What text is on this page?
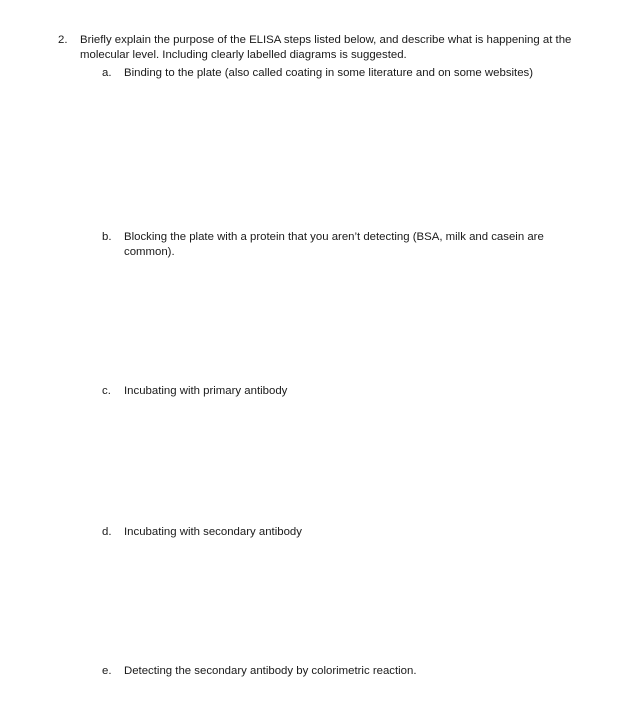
2. Briefly explain the purpose of the ELISA steps listed below, and describe what is happening at the molecular level. Including clearly labelled diagrams is suggested.
a. Binding to the plate (also called coating in some literature and on some websites)
b. Blocking the plate with a protein that you aren’t detecting (BSA, milk and casein are common).
c. Incubating with primary antibody
d. Incubating with secondary antibody
e. Detecting the secondary antibody by colorimetric reaction.
